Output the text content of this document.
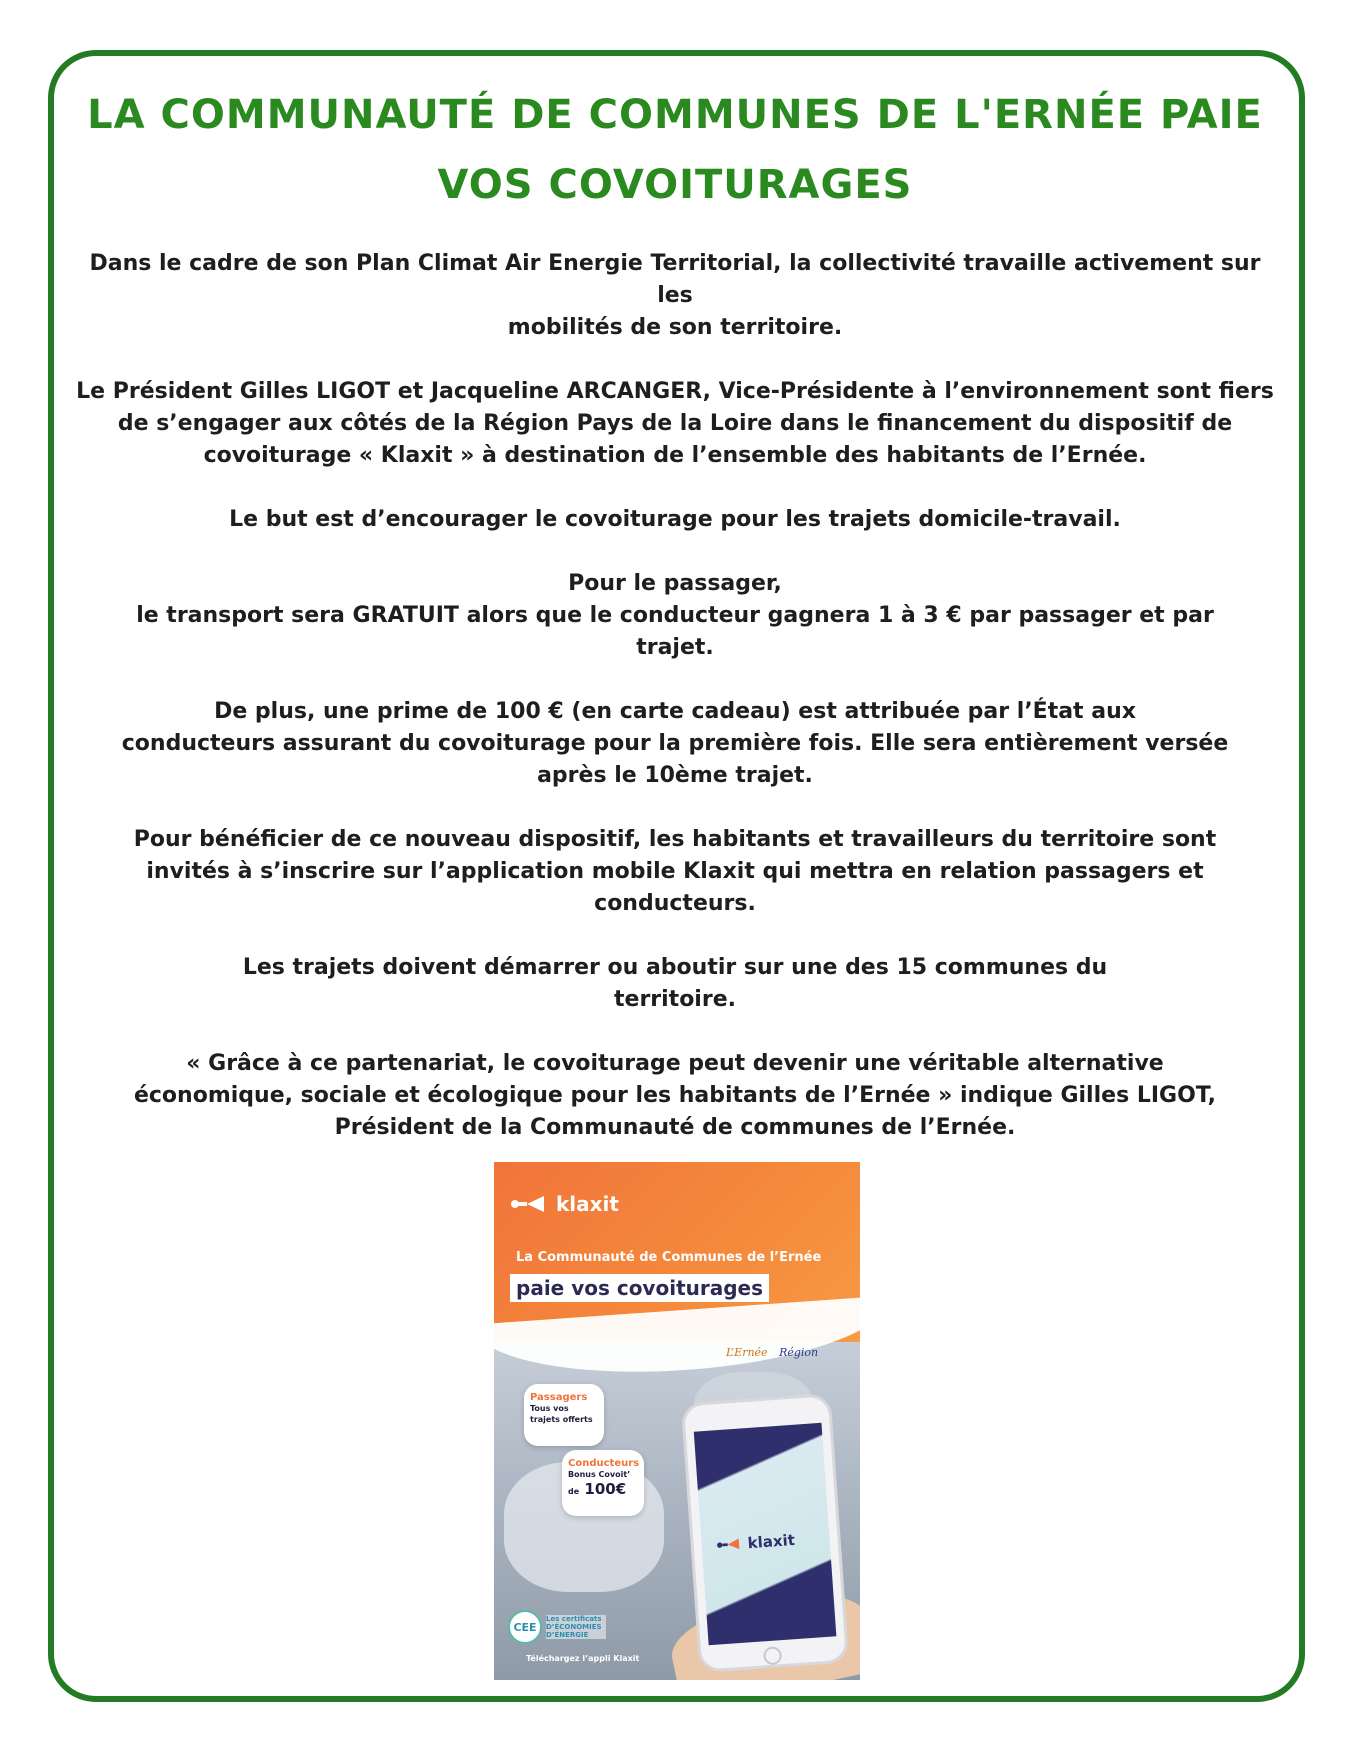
LA COMMUNAUTÉ DE COMMUNES DE L'ERNÉE PAIE
VOS COVOITURAGES

Dans le cadre de son Plan Climat Air Energie Territorial, la collectivité travaille activement sur les
mobilités de son territoire.

Le Président Gilles LIGOT et Jacqueline ARCANGER, Vice-Présidente à l’environnement sont fiers
de s’engager aux côtés de la Région Pays de la Loire dans le financement du dispositif de
covoiturage « Klaxit » à destination de l’ensemble des habitants de l’Ernée.

Le but est d’encourager le covoiturage pour les trajets domicile-travail.

Pour le passager,
le transport sera GRATUIT alors que le conducteur gagnera 1 à 3 € par passager et par
trajet.

De plus, une prime de 100 € (en carte cadeau) est attribuée par l’État aux
conducteurs assurant du covoiturage pour la première fois. Elle sera entièrement versée
après le 10ème trajet.

Pour bénéficier de ce nouveau dispositif, les habitants et travailleurs du territoire sont
invités à s’inscrire sur l’application mobile Klaxit qui mettra en relation passagers et
conducteurs.

Les trajets doivent démarrer ou aboutir sur une des 15 communes du
territoire.

« Grâce à ce partenariat, le covoiturage peut devenir une véritable alternative
économique, sociale et écologique pour les habitants de l’Ernée » indique Gilles LIGOT,
Président de la Communauté de communes de l’Ernée.

klaxit
La Communauté de Communes de l’Ernée
paie vos covoiturages
L’Ernée Région
Passagers
Tous vos
trajets offerts
Conducteurs
Bonus Covoit’
de 100€
klaxit
CEE
Les certificats D’ÉCONOMIES D’ÉNERGIE
Téléchargez l’appli Klaxit
